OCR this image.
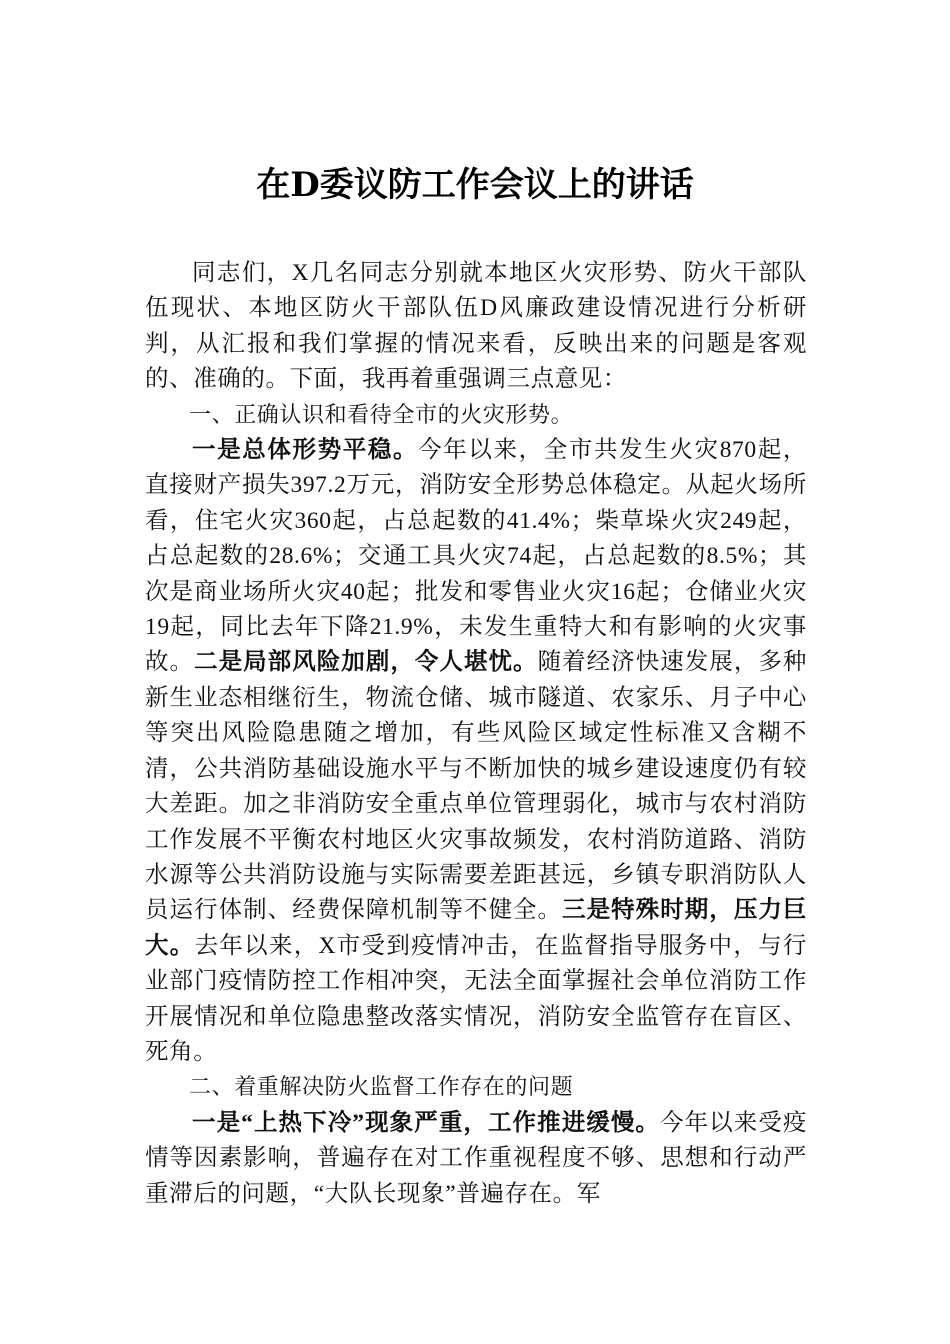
在D委议防工作会议上的讲话

同志们，X几名同志分别就本地区火灾形势、防火干部队伍现状、本地区防火干部队伍D风廉政建设情况进行分析研判，从汇报和我们掌握的情况来看，反映出来的问题是客观的、准确的。下面，我再着重强调三点意见：

一、正确认识和看待全市的火灾形势。

一是总体形势平稳。今年以来，全市共发生火灾870起，直接财产损失397.2万元，消防安全形势总体稳定。从起火场所看，住宅火灾360起，占总起数的41.4%；柴草垛火灾249起，占总起数的28.6%；交通工具火灾74起，占总起数的8.5%；其次是商业场所火灾40起；批发和零售业火灾16起；仓储业火灾19起，同比去年下降21.9%，未发生重特大和有影响的火灾事故。二是局部风险加剧，令人堪忧。随着经济快速发展，多种新生业态相继衍生，物流仓储、城市隧道、农家乐、月子中心等突出风险隐患随之增加，有些风险区域定性标准又含糊不清，公共消防基础设施水平与不断加快的城乡建设速度仍有较大差距。加之非消防安全重点单位管理弱化，城市与农村消防工作发展不平衡农村地区火灾事故频发，农村消防道路、消防水源等公共消防设施与实际需要差距甚远，乡镇专职消防队人员运行体制、经费保障机制等不健全。三是特殊时期，压力巨大。去年以来，X市受到疫情冲击，在监督指导服务中，与行业部门疫情防控工作相冲突，无法全面掌握社会单位消防工作开展情况和单位隐患整改落实情况，消防安全监管存在盲区、死角。

二、着重解决防火监督工作存在的问题

一是“上热下冷”现象严重，工作推进缓慢。今年以来受疫情等因素影响，普遍存在对工作重视程度不够、思想和行动严重滞后的问题，“大队长现象”普遍存在。军
